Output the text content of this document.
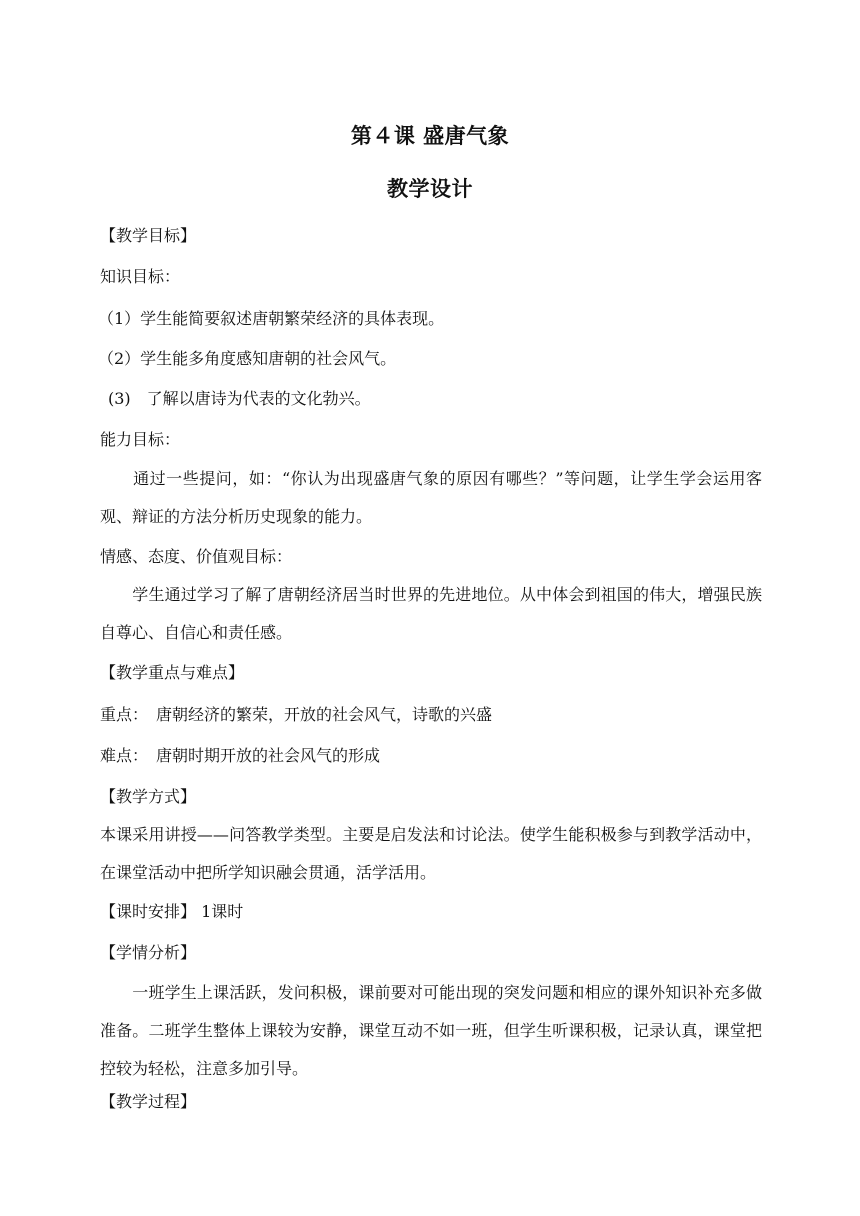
第４课 盛唐气象
教学设计
【教学目标】
知识目标：
（1）学生能简要叙述唐朝繁荣经济的具体表现。
（2）学生能多角度感知唐朝的社会风气。
(3)　了解以唐诗为代表的文化勃兴。
能力目标：
　　通过一些提问，如：“你认为出现盛唐气象的原因有哪些？”等问题，让学生学会运用客观、辩证的方法分析历史现象的能力。
情感、态度、价值观目标：
　　学生通过学习了解了唐朝经济居当时世界的先进地位。从中体会到祖国的伟大，增强民族自尊心、自信心和责任感。
【教学重点与难点】
重点：　唐朝经济的繁荣，开放的社会风气，诗歌的兴盛
难点：　唐朝时期开放的社会风气的形成
【教学方式】
本课采用讲授——问答教学类型。主要是启发法和讨论法。使学生能积极参与到教学活动中，在课堂活动中把所学知识融会贯通，活学活用。
【课时安排】 1课时
【学情分析】
　　一班学生上课活跃，发问积极，课前要对可能出现的突发问题和相应的课外知识补充多做准备。二班学生整体上课较为安静，课堂互动不如一班，但学生听课积极，记录认真，课堂把控较为轻松，注意多加引导。
【教学过程】
